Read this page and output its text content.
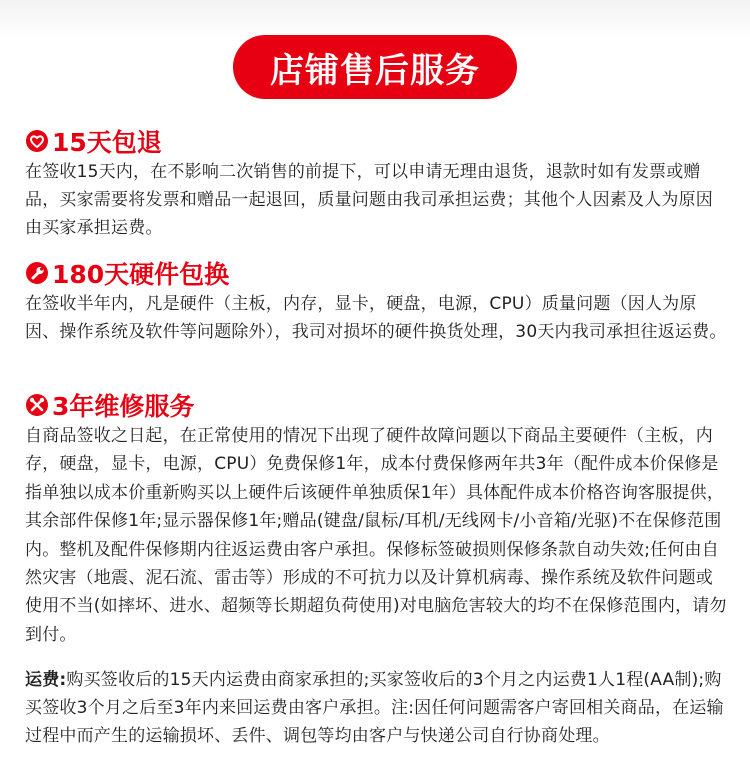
店铺售后服务
15天包退

在签收15天内，在不影响二次销售的前提下，可以申请无理由退货，退款时如有发票或赠品，买家需要将发票和赠品一起退回，质量问题由我司承担运费；其他个人因素及人为原因由买家承担运费。

180天硬件包换

在签收半年内，凡是硬件（主板，内存，显卡，硬盘，电源，CPU）质量问题（因人为原因、操作系统及软件等问题除外），我司对损坏的硬件换货处理，30天内我司承担往返运费。

3年维修服务

自商品签收之日起，在正常使用的情况下出现了硬件故障问题以下商品主要硬件（主板，内存，硬盘，显卡，电源，CPU）免费保修1年，成本付费保修两年共3年（配件成本价保修是指单独以成本价重新购买以上硬件后该硬件单独质保1年）具体配件成本价格咨询客服提供，其余部件保修1年;显示器保修1年;赠品(键盘/鼠标/耳机/无线网卡/小音箱/光驱)不在保修范围内。整机及配件保修期内往返运费由客户承担。保修标签破损则保修条款自动失效;任何由自然灾害（地震、泥石流、雷击等）形成的不可抗力以及计算机病毒、操作系统及软件问题或使用不当(如摔坏、进水、超频等长期超负荷使用)对电脑危害较大的均不在保修范围内，请勿到付。

运费:购买签收后的15天内运费由商家承担的;买家签收后的3个月之内运费1人1程(AA制);购买签收3个月之后至3年内来回运费由客户承担。注:因任何问题需客户寄回相关商品，在运输过程中而产生的运输损坏、丢件、调包等均由客户与快递公司自行协商处理。
